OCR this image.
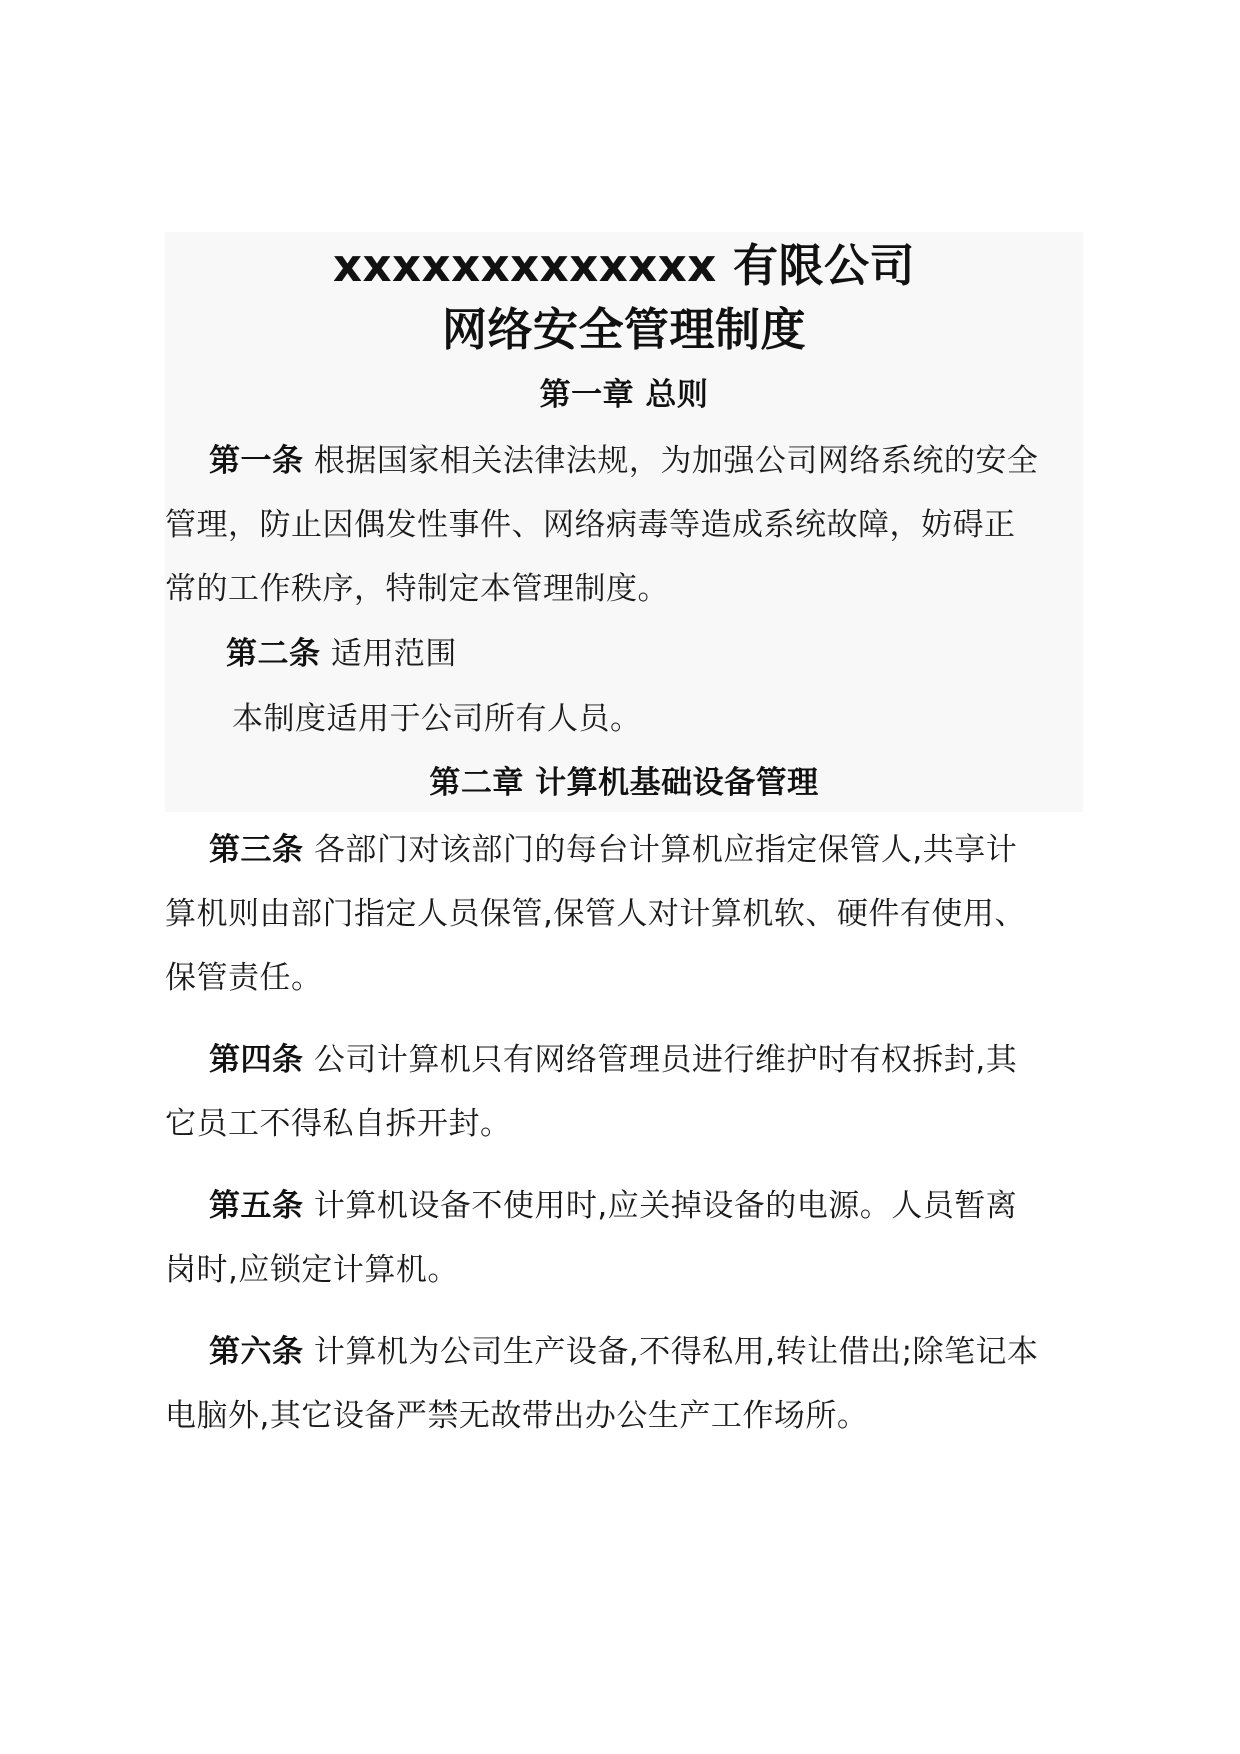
xxxxxxxxxxxxx 有限公司
网络安全管理制度
第一章 总则
第一条 根据国家相关法律法规，为加强公司网络系统的安全
管理，防止因偶发性事件、网络病毒等造成系统故障，妨碍正
常的工作秩序，特制定本管理制度。
第二条 适用范围
本制度适用于公司所有人员。
第二章 计算机基础设备管理
第三条 各部门对该部门的每台计算机应指定保管人,共享计
算机则由部门指定人员保管,保管人对计算机软、硬件有使用、
保管责任。
第四条 公司计算机只有网络管理员进行维护时有权拆封,其
它员工不得私自拆开封。
第五条 计算机设备不使用时,应关掉设备的电源。人员暂离
岗时,应锁定计算机。
第六条 计算机为公司生产设备,不得私用,转让借出;除笔记本
电脑外,其它设备严禁无故带出办公生产工作场所。
